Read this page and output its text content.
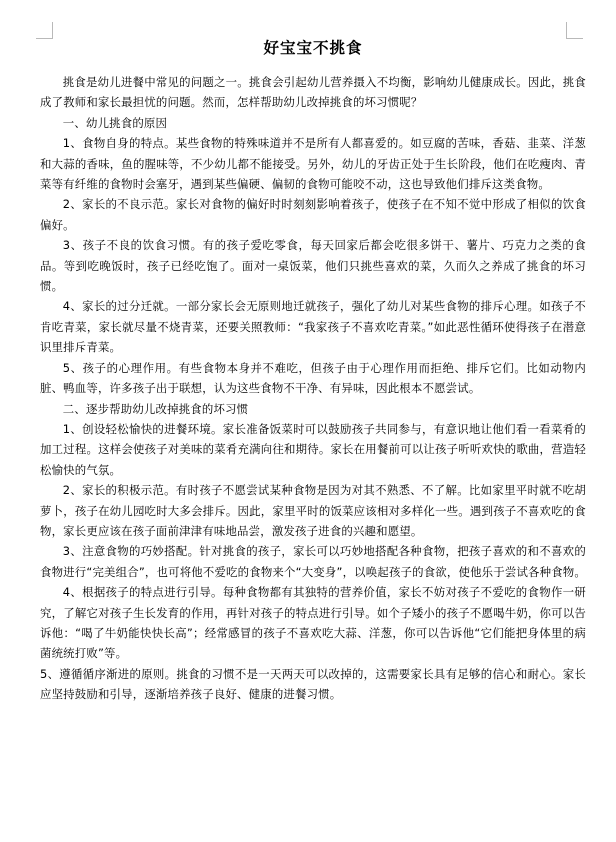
好宝宝不挑食

挑食是幼儿进餐中常见的问题之一。挑食会引起幼儿营养摄入不均衡，影响幼儿健康成长。因此，挑食成了教师和家长最担忧的问题。然而，怎样帮助幼儿改掉挑食的坏习惯呢？

一、幼儿挑食的原因

1、食物自身的特点。某些食物的特殊味道并不是所有人都喜爱的。如豆腐的苦味，香菇、韭菜、洋葱和大蒜的香味，鱼的腥味等，不少幼儿都不能接受。另外，幼儿的牙齿正处于生长阶段，他们在吃瘦肉、青菜等有纤维的食物时会塞牙，遇到某些偏硬、偏韧的食物可能咬不动，这也导致他们排斥这类食物。

2、家长的不良示范。家长对食物的偏好时时刻刻影响着孩子，使孩子在不知不觉中形成了相似的饮食偏好。

3、孩子不良的饮食习惯。有的孩子爱吃零食，每天回家后都会吃很多饼干、薯片、巧克力之类的食品。等到吃晚饭时，孩子已经吃饱了。面对一桌饭菜，他们只挑些喜欢的菜，久而久之养成了挑食的坏习惯。

4、家长的过分迁就。一部分家长会无原则地迁就孩子，强化了幼儿对某些食物的排斥心理。如孩子不肯吃青菜，家长就尽量不烧青菜，还要关照教师：“我家孩子不喜欢吃青菜。”如此恶性循环使得孩子在潜意识里排斥青菜。

5、孩子的心理作用。有些食物本身并不难吃，但孩子由于心理作用而拒绝、排斥它们。比如动物内脏、鸭血等，许多孩子出于联想，认为这些食物不干净、有异味，因此根本不愿尝试。

二、逐步帮助幼儿改掉挑食的坏习惯

1、创设轻松愉快的进餐环境。家长准备饭菜时可以鼓励孩子共同参与，有意识地让他们看一看菜肴的加工过程。这样会使孩子对美味的菜肴充满向往和期待。家长在用餐前可以让孩子听听欢快的歌曲，营造轻松愉快的气氛。

2、家长的积极示范。有时孩子不愿尝试某种食物是因为对其不熟悉、不了解。比如家里平时就不吃胡萝卜，孩子在幼儿园吃时大多会排斥。因此，家里平时的饭菜应该相对多样化一些。遇到孩子不喜欢吃的食物，家长更应该在孩子面前津津有味地品尝，激发孩子进食的兴趣和愿望。

3、注意食物的巧妙搭配。针对挑食的孩子，家长可以巧妙地搭配各种食物，把孩子喜欢的和不喜欢的食物进行“完美组合”，也可将他不爱吃的食物来个“大变身”，以唤起孩子的食欲，使他乐于尝试各种食物。

4、根据孩子的特点进行引导。每种食物都有其独特的营养价值，家长不妨对孩子不爱吃的食物作一研究，了解它对孩子生长发育的作用，再针对孩子的特点进行引导。如个子矮小的孩子不愿喝牛奶，你可以告诉他：“喝了牛奶能快快长高”；经常感冒的孩子不喜欢吃大蒜、洋葱，你可以告诉他“它们能把身体里的病菌统统打败”等。

5、遵循循序渐进的原则。挑食的习惯不是一天两天可以改掉的，这需要家长具有足够的信心和耐心。家长应坚持鼓励和引导，逐渐培养孩子良好、健康的进餐习惯。
